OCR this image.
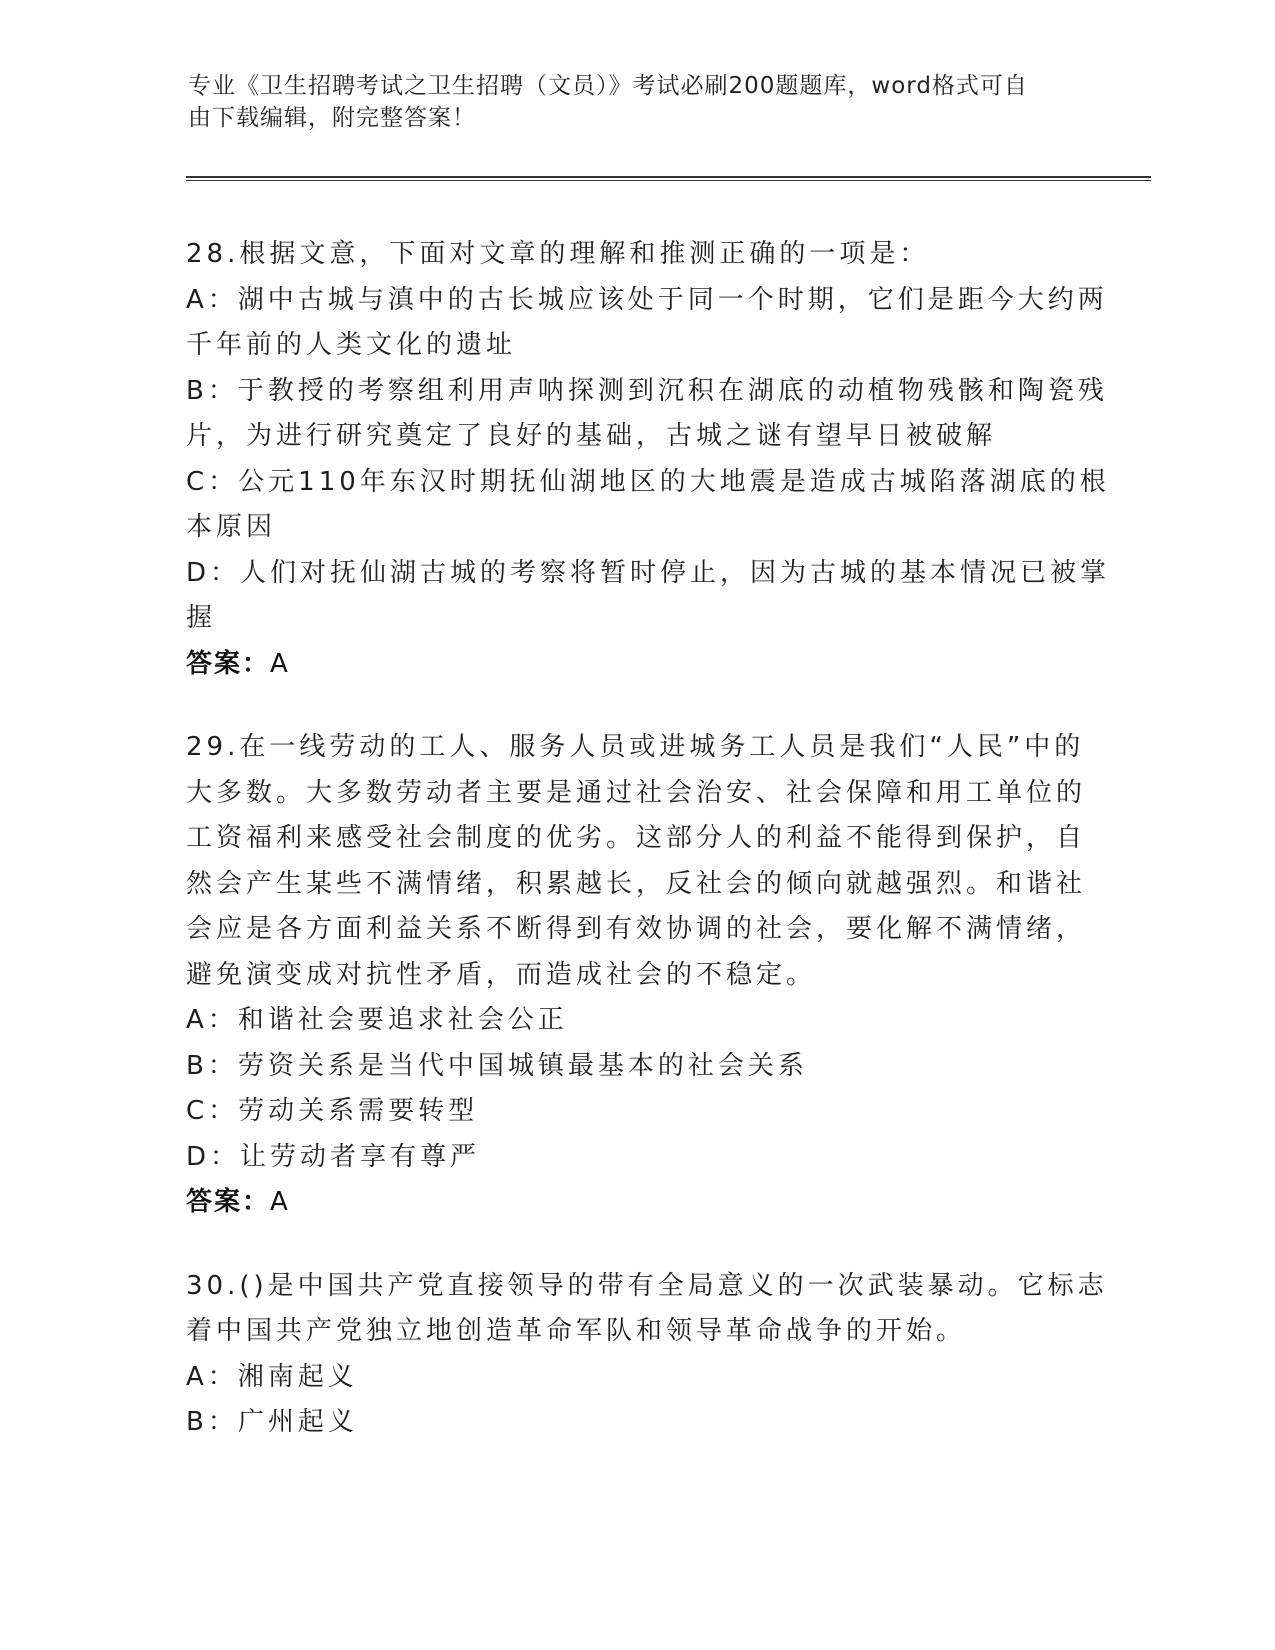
专业《卫生招聘考试之卫生招聘（文员）》考试必刷200题题库，word格式可自
由下载编辑，附完整答案！
28.根据文意，下面对文章的理解和推测正确的一项是：
A：湖中古城与滇中的古长城应该处于同一个时期，它们是距今大约两
千年前的人类文化的遗址
B：于教授的考察组利用声呐探测到沉积在湖底的动植物残骸和陶瓷残
片，为进行研究奠定了良好的基础，古城之谜有望早日被破解
C：公元110年东汉时期抚仙湖地区的大地震是造成古城陷落湖底的根
本原因
D：人们对抚仙湖古城的考察将暂时停止，因为古城的基本情况已被掌
握
答案：A
29.在一线劳动的工人、服务人员或进城务工人员是我们“人民”中的
大多数。大多数劳动者主要是通过社会治安、社会保障和用工单位的
工资福利来感受社会制度的优劣。这部分人的利益不能得到保护，自
然会产生某些不满情绪，积累越长，反社会的倾向就越强烈。和谐社
会应是各方面利益关系不断得到有效协调的社会，要化解不满情绪，
避免演变成对抗性矛盾，而造成社会的不稳定。
A：和谐社会要追求社会公正
B：劳资关系是当代中国城镇最基本的社会关系
C：劳动关系需要转型
D：让劳动者享有尊严
答案：A
30.()是中国共产党直接领导的带有全局意义的一次武装暴动。它标志
着中国共产党独立地创造革命军队和领导革命战争的开始。
A：湘南起义
B：广州起义
